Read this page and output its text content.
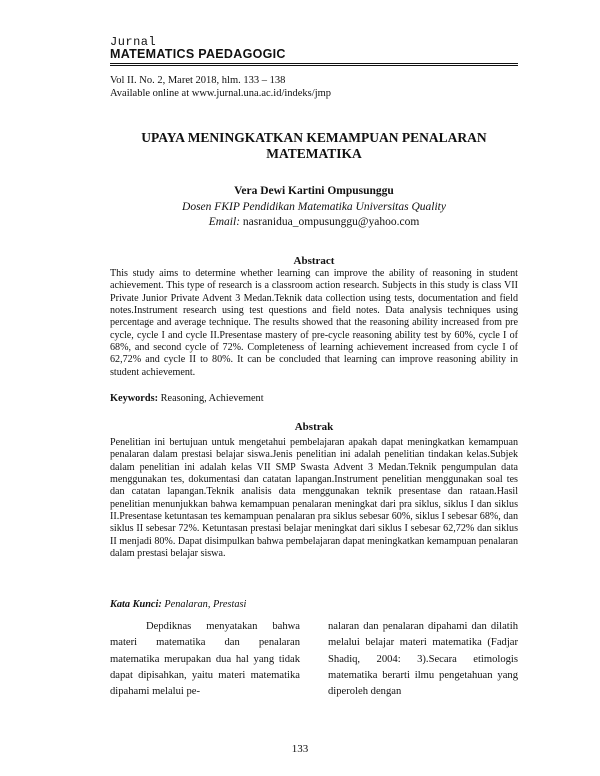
Jurnal
MATEMATICS PAEDAGOGIC
Vol II. No. 2, Maret 2018, hlm. 133 – 138
Available online at www.jurnal.una.ac.id/indeks/jmp
UPAYA MENINGKATKAN KEMAMPUAN PENALARAN
MATEMATIKA
Vera Dewi Kartini Ompusunggu
Dosen FKIP Pendidikan Matematika Universitas Quality
Email: nasranidua_ompusunggu@yahoo.com
Abstract
This study aims to determine whether learning can improve the ability of reasoning in student achievement. This type of research is a classroom action research. Subjects in this study is class VII Private Junior Private Advent 3 Medan.Teknik data collection using tests, documentation and field notes.Instrument research using test questions and field notes. Data analysis techniques using percentage and average technique. The results showed that the reasoning ability increased from pre cycle, cycle I and cycle II.Presentase mastery of pre-cycle reasoning ability test by 60%, cycle I of 68%, and second cycle of 72%. Completeness of learning achievement increased from cycle I of 62,72% and cycle II to 80%. It can be concluded that learning can improve reasoning ability in student achievement.
Keywords: Reasoning, Achievement
Abstrak
Penelitian ini bertujuan untuk mengetahui pembelajaran apakah dapat meningkatkan kemampuan penalaran dalam prestasi belajar siswa.Jenis penelitian ini adalah penelitian tindakan kelas.Subjek dalam penelitian ini adalah kelas VII SMP Swasta Advent 3 Medan.Teknik pengumpulan data menggunakan tes, dokumentasi dan catatan lapangan.Instrument penelitian menggunakan soal tes dan catatan lapangan.Teknik analisis data menggunakan teknik presentase dan rataan.Hasil penelitian menunjukkan bahwa kemampuan penalaran meningkat dari pra siklus, siklus I dan siklus II.Presentase ketuntasan tes kemampuan penalaran pra siklus sebesar 60%, siklus I sebesar 68%, dan siklus II sebesar 72%. Ketuntasan prestasi belajar meningkat dari siklus I sebesar 62,72% dan siklus II menjadi 80%. Dapat disimpulkan bahwa pembelajaran dapat meningkatkan kemampuan penalaran dalam prestasi belajar siswa.
Kata Kunci: Penalaran, Prestasi
Depdiknas menyatakan bahwa materi matematika dan penalaran matematika merupakan dua hal yang tidak dapat dipisahkan, yaitu materi matematika dipahami melalui pe-
nalaran dan penalaran dipahami dan dilatih melalui belajar materi matematika (Fadjar Shadiq, 2004: 3).Secara etimologis matematika berarti ilmu pengetahuan yang diperoleh dengan
133
